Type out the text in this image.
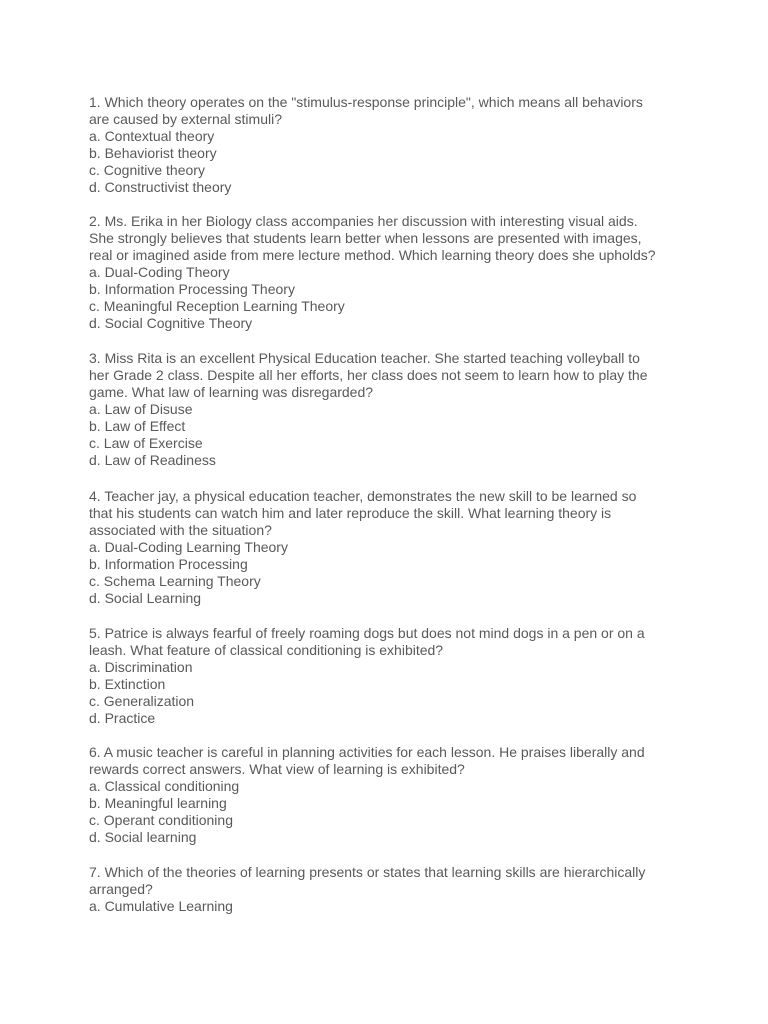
1. Which theory operates on the "stimulus-response principle", which means all behaviors
are caused by external stimuli?

a. Contextual theory
b. Behaviorist theory
c. Cognitive theory
d. Constructivist theory

2. Ms. Erika in her Biology class accompanies her discussion with interesting visual aids.
She strongly believes that students learn better when lessons are presented with images,
real or imagined aside from mere lecture method. Which learning theory does she upholds?

a. Dual-Coding Theory
b. Information Processing Theory
c. Meaningful Reception Learning Theory
d. Social Cognitive Theory

3. Miss Rita is an excellent Physical Education teacher. She started teaching volleyball to
her Grade 2 class. Despite all her efforts, her class does not seem to learn how to play the
game. What law of learning was disregarded?

a. Law of Disuse
b. Law of Effect
c. Law of Exercise
d. Law of Readiness

4. Teacher jay, a physical education teacher, demonstrates the new skill to be learned so
that his students can watch him and later reproduce the skill. What learning theory is
associated with the situation?

a. Dual-Coding Learning Theory
b. Information Processing
c. Schema Learning Theory
d. Social Learning

5. Patrice is always fearful of freely roaming dogs but does not mind dogs in a pen or on a
leash. What feature of classical conditioning is exhibited?

a. Discrimination
b. Extinction
c. Generalization
d. Practice

6. A music teacher is careful in planning activities for each lesson. He praises liberally and
rewards correct answers. What view of learning is exhibited?

a. Classical conditioning
b. Meaningful learning
c. Operant conditioning
d. Social learning

7. Which of the theories of learning presents or states that learning skills are hierarchically
arranged?

a. Cumulative Learning
